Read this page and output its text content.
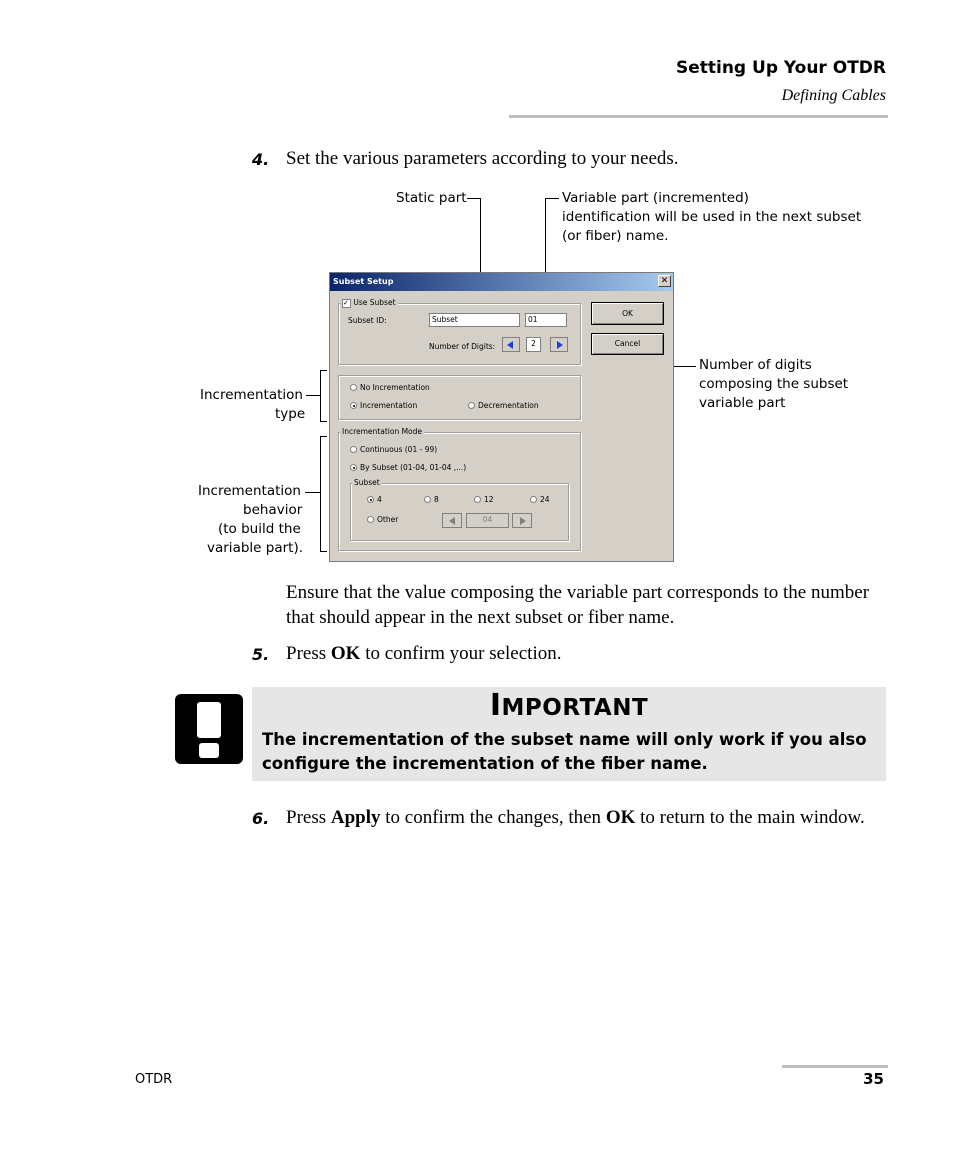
Setting Up Your OTDR
Defining Cables
4. Set the various parameters according to your needs.
Static part	Variable part (incremented)
identification will be used in the next subset
(or fiber) name.
Number of digits
composing the subset
variable part
Incrementation
type
Incrementation
behavior
(to build the
variable part).
Subset Setup	✕
✓ Use Subset
Subset ID:	Subset	01
Number of Digits:	2
OK
Cancel
No Incrementation
Incrementation	Decrementation
Incrementation Mode
Continuous (01 - 99)
By Subset (01-04, 01-04 ,...)
Subset
4	8	12	24
Other	04
Ensure that the value composing the variable part corresponds to the number that should appear in the next subset or fiber name.
5. Press OK to confirm your selection.
IMPORTANT
The incrementation of the subset name will only work if you also configure the incrementation of the fiber name.
6. Press Apply to confirm the changes, then OK to return to the main window.
OTDR	35
